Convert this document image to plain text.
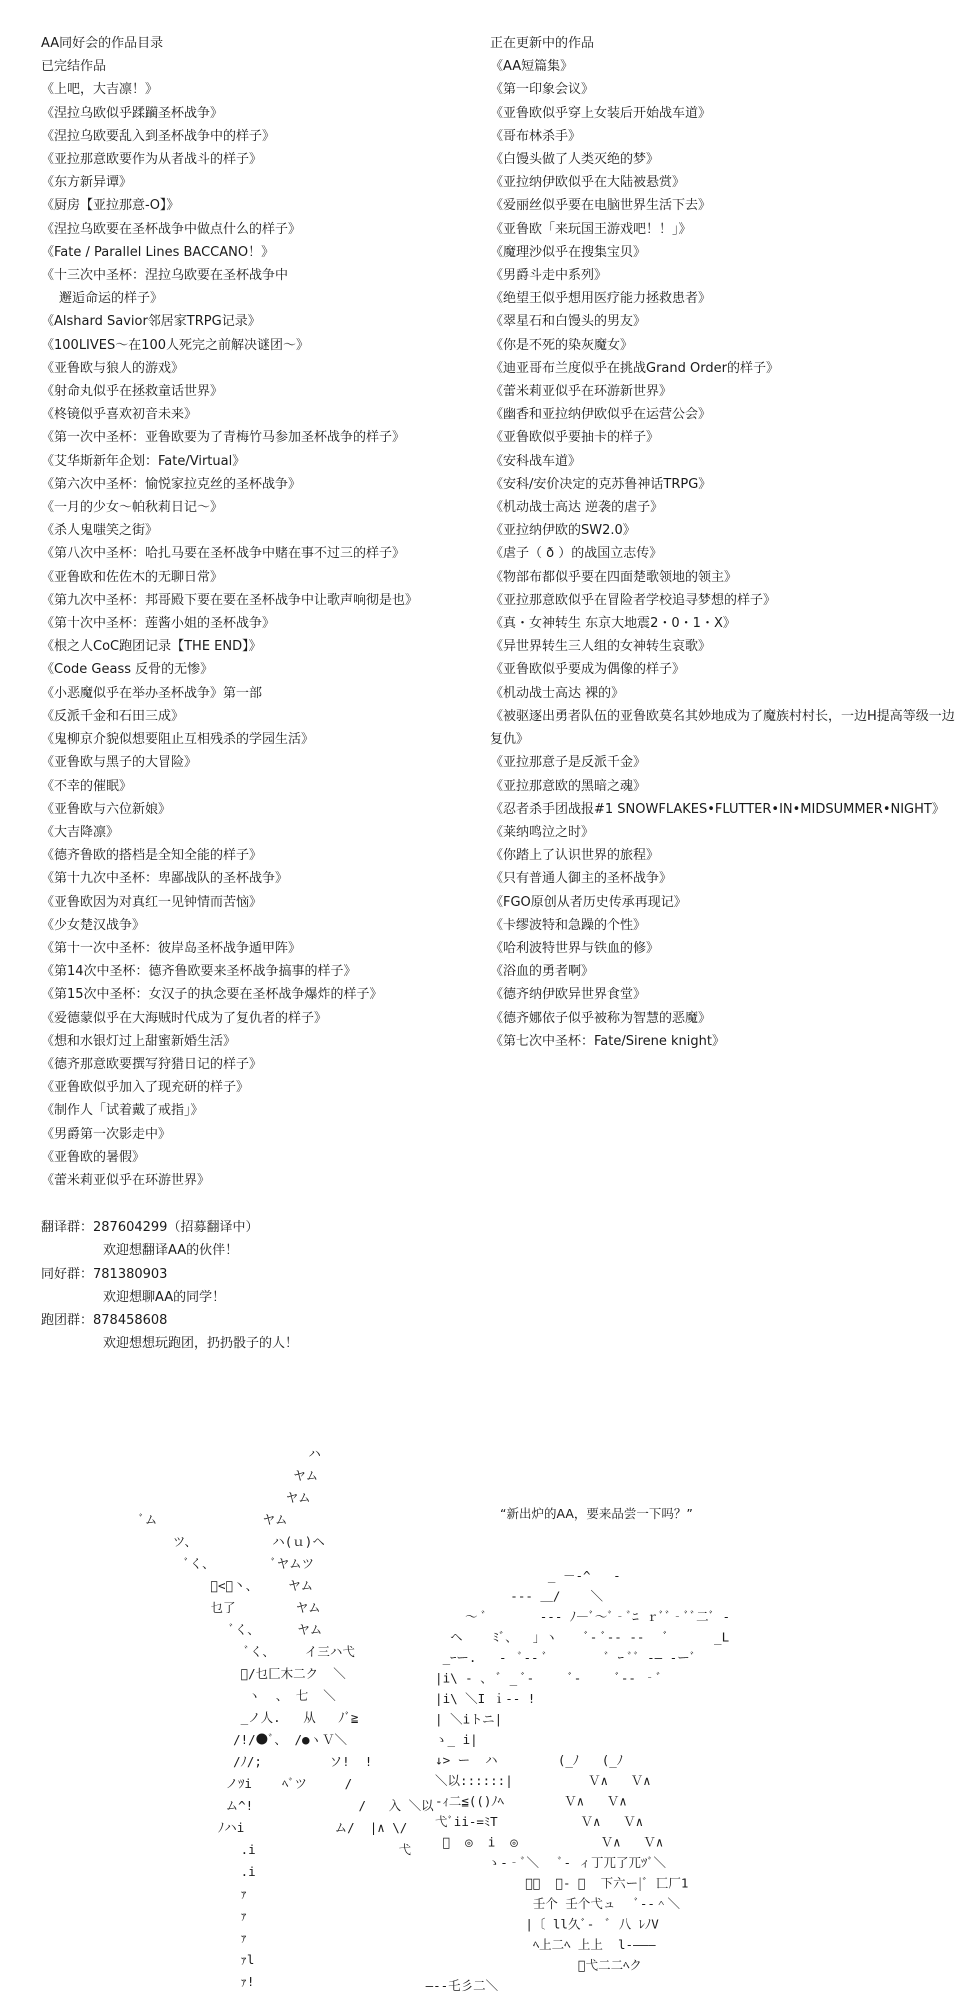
AA同好会的作品目录
已完结作品
《上吧，大吉凛！》
《涅拉乌欧似乎蹂躏圣杯战争》
《涅拉乌欧要乱入到圣杯战争中的样子》
《亚拉那意欧要作为从者战斗的样子》
《东方新异谭》
《厨房【亚拉那意-O】》
《涅拉乌欧要在圣杯战争中做点什么的样子》
《Fate / Parallel Lines BACCANO！》
《十三次中圣杯：涅拉乌欧要在圣杯战争中
邂逅命运的样子》
《Alshard Savior邻居家TRPG记录》
《100LIVES～在100人死完之前解决谜团～》
《亚鲁欧与狼人的游戏》
《射命丸似乎在拯救童话世界》
《柊镜似乎喜欢初音未来》
《第一次中圣杯：亚鲁欧要为了青梅竹马参加圣杯战争的样子》
《艾华斯新年企划：Fate/Virtual》
《第六次中圣杯：愉悦家拉克丝的圣杯战争》
《一月的少女～帕秋莉日记～》
《杀人鬼嗤笑之街》
《第八次中圣杯：哈扎马要在圣杯战争中赌在事不过三的样子》
《亚鲁欧和佐佐木的无聊日常》
《第九次中圣杯：邦哥殿下要在要在圣杯战争中让歌声响彻是也》
《第十次中圣杯：莲酱小姐的圣杯战争》
《根之人CoC跑团记录【THE END】》
《Code Geass 反骨的无惨》
《小恶魔似乎在举办圣杯战争》第一部
《反派千金和石田三成》
《鬼柳京介貌似想要阻止互相残杀的学园生活》
《亚鲁欧与黑子的大冒险》
《不幸的催眠》
《亚鲁欧与六位新娘》
《大吉降凛》
《德齐鲁欧的搭档是全知全能的样子》
《第十九次中圣杯：卑鄙战队的圣杯战争》
《亚鲁欧因为对真红一见钟情而苦恼》
《少女楚汉战争》
《第十一次中圣杯：彼岸岛圣杯战争遁甲阵》
《第14次中圣杯：德齐鲁欧要来圣杯战争搞事的样子》
《第15次中圣杯：女汉子的执念要在圣杯战争爆炸的样子》
《爱德蒙似乎在大海贼时代成为了复仇者的样子》
《想和水银灯过上甜蜜新婚生活》
《德齐那意欧要撰写狩猎日记的样子》
《亚鲁欧似乎加入了现充研的样子》
《制作人「试着戴了戒指」》
《男爵第一次影走中》
《亚鲁欧的暑假》
《蕾米莉亚似乎在环游世界》
翻译群： 287604299（招募翻译中）
欢迎想翻译AA的伙伴！
同好群： 781380903
欢迎想聊AA的同学！
跑团群： 878458608
欢迎想想玩跑团，扔扔骰子的人！
正在更新中的作品
《AA短篇集》
《第一印象会议》
《亚鲁欧似乎穿上女装后开始战车道》
《哥布林杀手》
《白馒头做了人类灭绝的梦》
《亚拉纳伊欧似乎在大陆被悬赏》
《爱丽丝似乎要在电脑世界生活下去》
《亚鲁欧「来玩国王游戏吧！！」》
《魔理沙似乎在搜集宝贝》
《男爵斗走中系列》
《绝望王似乎想用医疗能力拯救患者》
《翠星石和白馒头的男友》
《你是不死的染灰魔女》
《迪亚哥布兰度似乎在挑战Grand Order的样子》
《蕾米莉亚似乎在环游新世界》
《幽香和亚拉纳伊欧似乎在运营公会》
《亚鲁欧似乎要抽卡的样子》
《安科战车道》
《安科/安价决定的克苏鲁神话TRPG》
《机动战士高达 逆袭的虐子》
《亚拉纳伊欧的SW2.0》
《虐子（ ð ）的战国立志传》
《物部布都似乎要在四面楚歌领地的领主》
《亚拉那意欧似乎在冒险者学校追寻梦想的样子》
《真・女神转生 东京大地震2・0・1・X》
《异世界转生三人组的女神转生哀歌》
《亚鲁欧似乎要成为偶像的样子》
《机动战士高达 裸的》
《被驱逐出勇者队伍的亚鲁欧莫名其妙地成为了魔族村村长，一边H提高等级一边复仇》
《亚拉那意子是反派千金》
《亚拉那意欧的黑暗之魂》
《忍者杀手团战报#1 SNOWFLAKES•FLUTTER•IN•MIDSUMMER•NIGHT》
《莱纳鸣泣之时》
《你踏上了认识世界的旅程》
《只有普通人御主的圣杯战争》
《FGO原创从者历史传承再现记》
《卡缪波特和急躁的个性》
《哈利波特世界与铁血的修》
《浴血的勇者啊》
《德齐纳伊欧异世界食堂》
《德齐娜依子似乎被称为智慧的恶魔》
《第七次中圣杯：Fate/Sirene knight》
“新出炉的AA，要来品尝一下吗？”
ハ
ヤム
ヤム
ﾞム              ヤム
ツ、          ハ(ｕ)ヘ
ﾞく、        ﾞヤムツ
ﾞ<ﾞ丶、    ヤム
乜了        ヤム
ﾞく、     ヤム
ﾞく、    イ三ハ弋
ﾞ/乜匚木二ク  ＼
ヽ  、 七  ＼
_ノ人.   从   ﾉﾞ≧
/!/●ﾞ、 /●ヽＶ＼
/ﾉ/;         ソ!  !
ノﾂi    ﾍﾞツ     /
ム^!              /   入 ＼以
ﾉハi            ム/  |∧ \/
.i                   弋
.i
ｧ
ｧ
ｧ
ｧl
ｧ!
_ －‐^   ‐
‐‐‐ ＿/    ＼
～ ﾞ       ‐‐‐ ﾉ―ﾞ～ﾞ‐ﾞﾆ ｒﾞﾞ‐ﾞﾞ二ﾞ ‐
ヘ    ﾐﾞ、  」ヽ    ﾞ‐ ﾞ‐‐ ‐‐   ﾞ      _L
_ｰー.   ‐  ﾞ‐‐ ﾞ        ﾞ ｰ ﾞﾞ ‐― ‐ーﾞ
|i\ ‐ 、 ﾞ _ ﾞ‐     ﾞ‐     ﾞ‐‐ ‐ﾞ
|i\ ＼I ｉ‐‐ !
| ＼iトニ|
ゝ_ i|
↓> ー  ハ        (_ﾉ   (_ﾉ
＼以::::::|          Ｖ∧   Ｖ∧
-ｨ二≦(()ﾉﾍ        Ｖ∧   Ｖ∧
弋ﾞii-=ﾐT           Ｖ∧   Ｖ∧
ﾞ  ◎  i  ◎           Ｖ∧   Ｖ∧
ゝ-‐ﾞ＼   ﾞ‐ ィ丁兀了兀ﾂﾞ＼
ﾞ＼  ﾞ‐ ＼  下六ー|ﾞ 匸厂1
壬个 壬个弋ュ   ﾞ‐‐＾＼
|〔 ll久ﾞ‐  ﾞ 八 ﾚﾉV
ﾍ上二ﾍ 上上  l‐―――
ﾞ弋二二ﾍク
―‐‐乇彡二＼
